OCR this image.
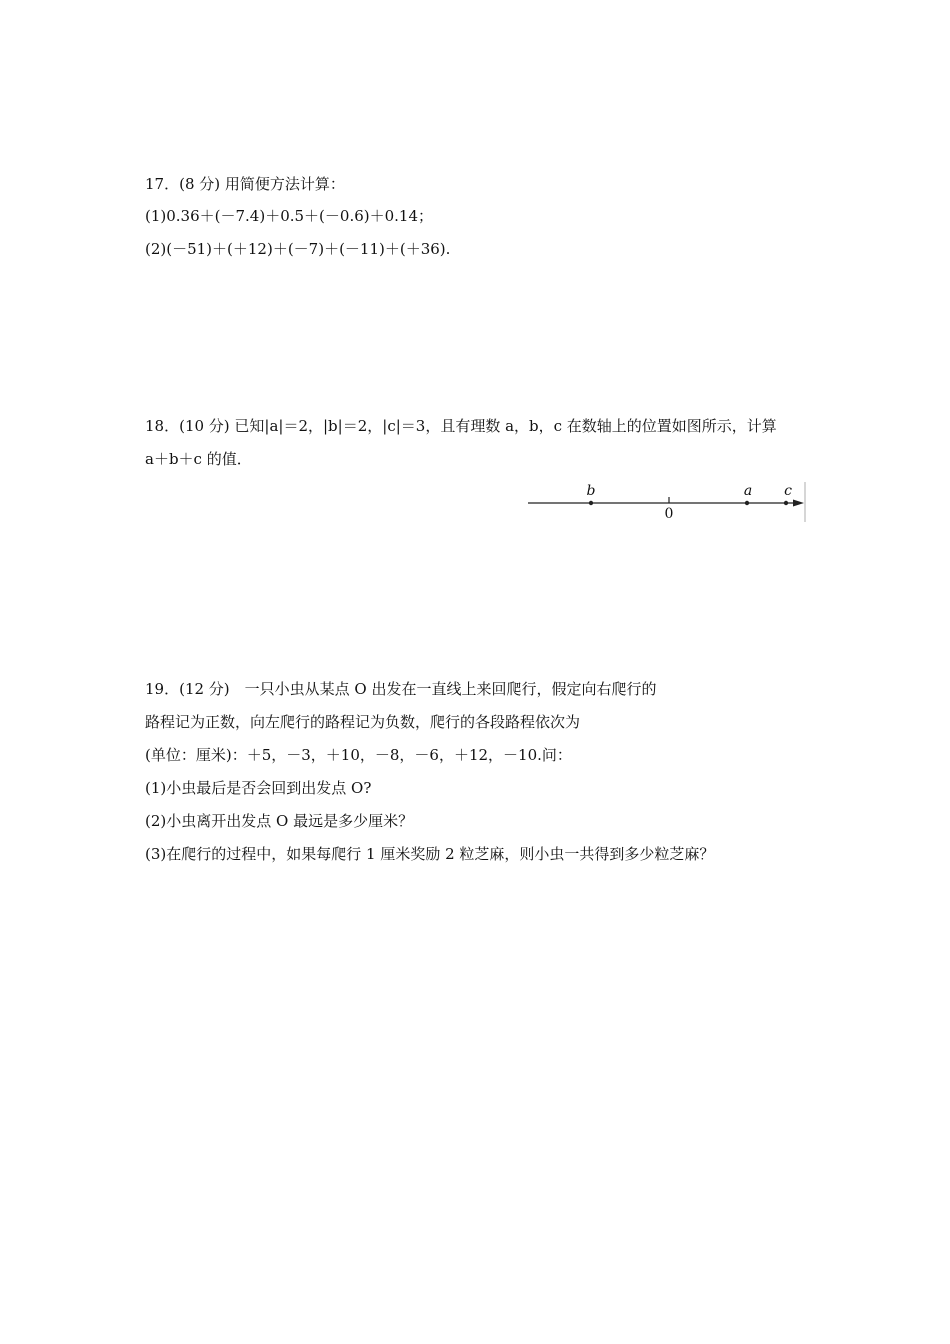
17．(8 分) 用简便方法计算：
(1)0.36＋(－7.4)＋0.5＋(－0.6)＋0.14；
(2)(－51)＋(＋12)＋(－7)＋(－11)＋(＋36).
18．(10 分) 已知|a|＝2，|b|＝2，|c|＝3，且有理数 a，b，c 在数轴上的位置如图所示，计算
a＋b＋c 的值．
b
0
a c
19．(12 分)　一只小虫从某点 O 出发在一直线上来回爬行，假定向右爬行的
路程记为正数，向左爬行的路程记为负数，爬行的各段路程依次为
(单位：厘米)：＋5，－3，＋10，－8，－6，＋12，－10.问：
(1)小虫最后是否会回到出发点 O?
(2)小虫离开出发点 O 最远是多少厘米？
(3)在爬行的过程中，如果每爬行 1 厘米奖励 2 粒芝麻，则小虫一共得到多少粒芝麻？
